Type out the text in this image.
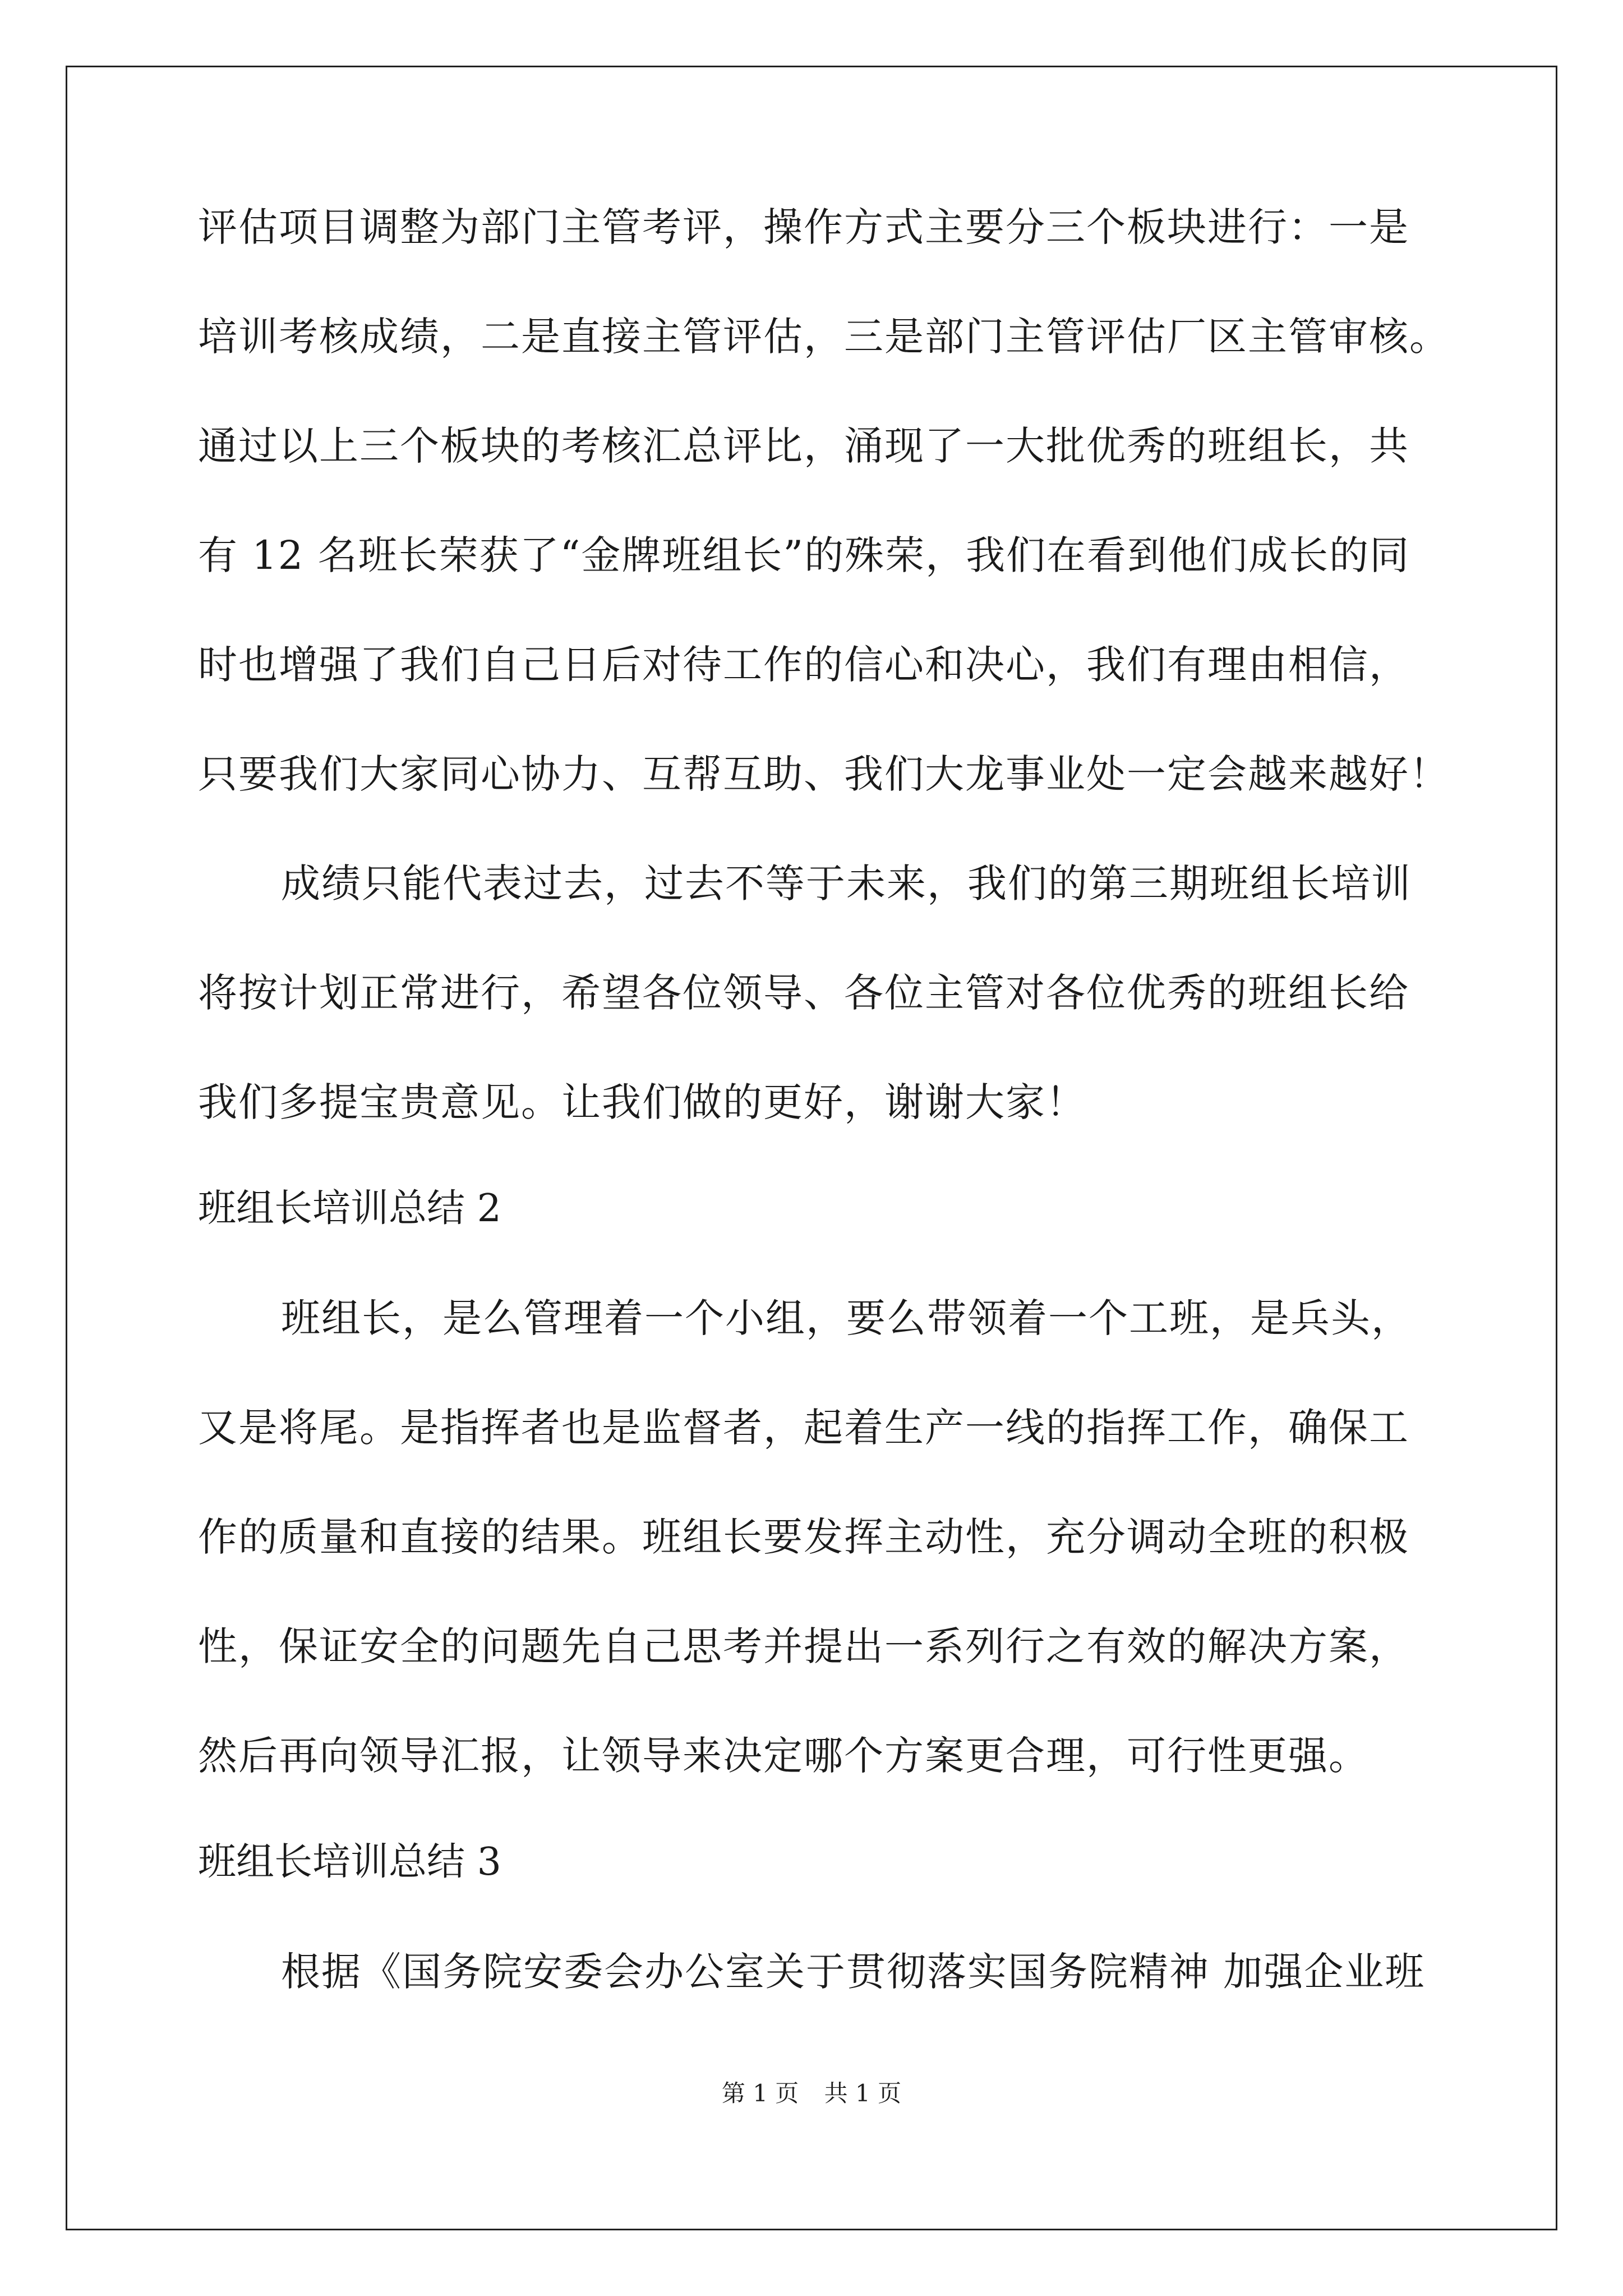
评估项目调整为部门主管考评，操作方式主要分三个板块进行：一是

培训考核成绩，二是直接主管评估，三是部门主管评估厂区主管审核。

通过以上三个板块的考核汇总评比，涌现了一大批优秀的班组长，共

有 12 名班长荣获了“金牌班组长”的殊荣，我们在看到他们成长的同

时也增强了我们自己日后对待工作的信心和决心，我们有理由相信，

只要我们大家同心协力、互帮互助、我们大龙事业处一定会越来越好！

成绩只能代表过去，过去不等于未来，我们的第三期班组长培训

将按计划正常进行，希望各位领导、各位主管对各位优秀的班组长给

我们多提宝贵意见。让我们做的更好，谢谢大家！

班组长培训总结 2

班组长，是么管理着一个小组，要么带领着一个工班，是兵头，

又是将尾。是指挥者也是监督者，起着生产一线的指挥工作，确保工

作的质量和直接的结果。班组长要发挥主动性，充分调动全班的积极

性，保证安全的问题先自己思考并提出一系列行之有效的解决方案，

然后再向领导汇报，让领导来决定哪个方案更合理，可行性更强。

班组长培训总结 3

根据《国务院安委会办公室关于贯彻落实国务院精神 加强企业班

第 1 页 共 1 页
